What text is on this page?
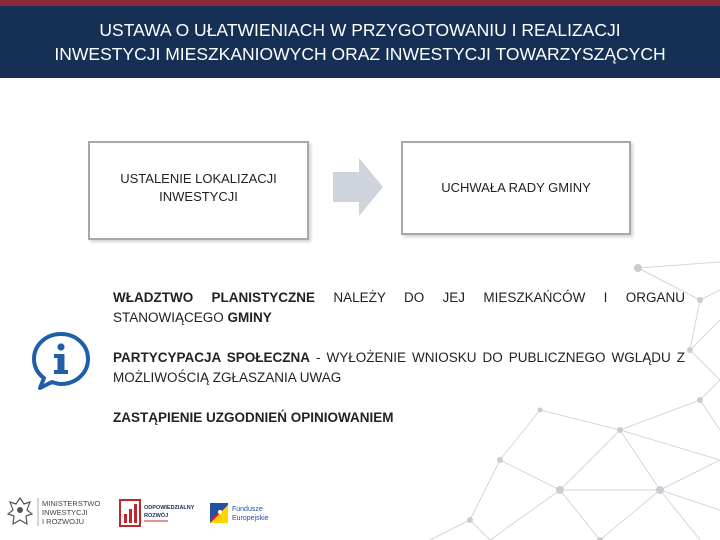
USTAWA O UŁATWIENIACH W PRZYGOTOWANIU I REALIZACJI
INWESTYCJI MIESZKANIOWYCH ORAZ INWESTYCJI TOWARZYSZĄCYCH
USTALENIE LOKALIZACJI INWESTYCJI
UCHWAŁA RADY GMINY
WŁADZTWO PLANISTYCZNE NALEŻY DO JEJ MIESZKAŃCÓW I ORGANU STANOWIĄCEGO GMINY
PARTYCYPACJA SPOŁECZNA - WYŁOŻENIE WNIOSKU DO PUBLICZNEGO WGLĄDU Z MOŻLIWOŚCIĄ ZGŁASZANIA UWAG
ZASTĄPIENIE UZGODNIEŃ OPINIOWANIEM
MINISTERSTWO
INWESTYCJI
I ROZWOJU
ODPOWIEDZIALNY
ROZWÓJ
Fundusze
Europejskie
